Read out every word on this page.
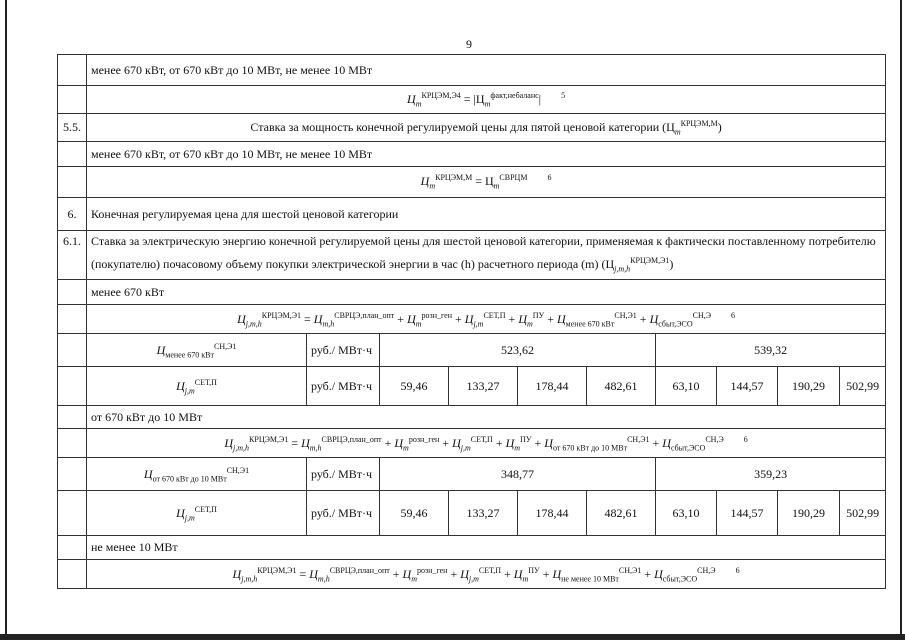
9
	менее 670 кВт, от 670 кВт до 10 МВт, не менее 10 МВт									
	$Ц_m^{КРЦЭМ,Э4} = |Ц_m^{факт,небаланс}|$ $^5$
5.5.	Ставка за мощность конечной регулируемой цены для пятой ценовой категории $(Ц_m^{КРЦЭМ,М})$									
	менее 670 кВт, от 670 кВт до 10 МВт, не менее 10 МВт									
	$Ц_m^{КРЦЭМ,М} = Ц_m^{СВРЦМ}$ $^6$
6.	Конечная регулируемая цена для шестой ценовой категории									
6.1.	Ставка за электрическую энергию конечной регулируемой цены для шестой ценовой категории, применяемая к фактически поставленному потребителю (покупателю) почасовому объему покупки электрической энергии в час (h) расчетного периода (m) $(Ц_{j,m,h}^{КРЦЭМ,Э1})$									
	менее 670 кВт									
	$Ц_{j,m,h}^{КРЦЭМ,Э1} = Ц_{m,h}^{СВРЦЭ,план\_опт} + Ц_m^{розн\_ген} + Ц_{j,m}^{СЕТ,П} + Ц_m^{ПУ} + Ц_{менее 670 кВт}^{СН,Э1} + Ц_{сбыт,ЭСО}^{СН,Э}$ $^6$
	$Ц_{менее 670 кВт}^{СН,Э1}$	руб./ МВт·ч	523,62				539,32			
	$Ц_{j,m}^{СЕТ,П}$	руб./ МВт·ч	59,46	133,27	178,44	482,61	63,10	144,57	190,29	502,99
	от 670 кВт до 10 МВт									
	$Ц_{j,m,h}^{КРЦЭМ,Э1} = Ц_{m,h}^{СВРЦЭ,план\_опт} + Ц_m^{розн\_ген} + Ц_{j,m}^{СЕТ,П} + Ц_m^{ПУ} + Ц_{от 670 кВт до 10 МВт}^{СН,Э1} + Ц_{сбыт,ЭСО}^{СН,Э}$ $^6$
	$Ц_{от 670 кВт до 10 МВт}^{СН,Э1}$	руб./ МВт·ч	348,77				359,23			
	$Ц_{j,m}^{СЕТ,П}$	руб./ МВт·ч	59,46	133,27	178,44	482,61	63,10	144,57	190,29	502,99
	не менее 10 МВт									
	$Ц_{j,m,h}^{КРЦЭМ,Э1} = Ц_{m,h}^{СВРЦЭ,план\_опт} + Ц_m^{розн\_ген} + Ц_{j,m}^{СЕТ,П} + Ц_m^{ПУ} + Ц_{не менее 10 МВт}^{СН,Э1} + Ц_{сбыт,ЭСО}^{СН,Э}$ $^6$
